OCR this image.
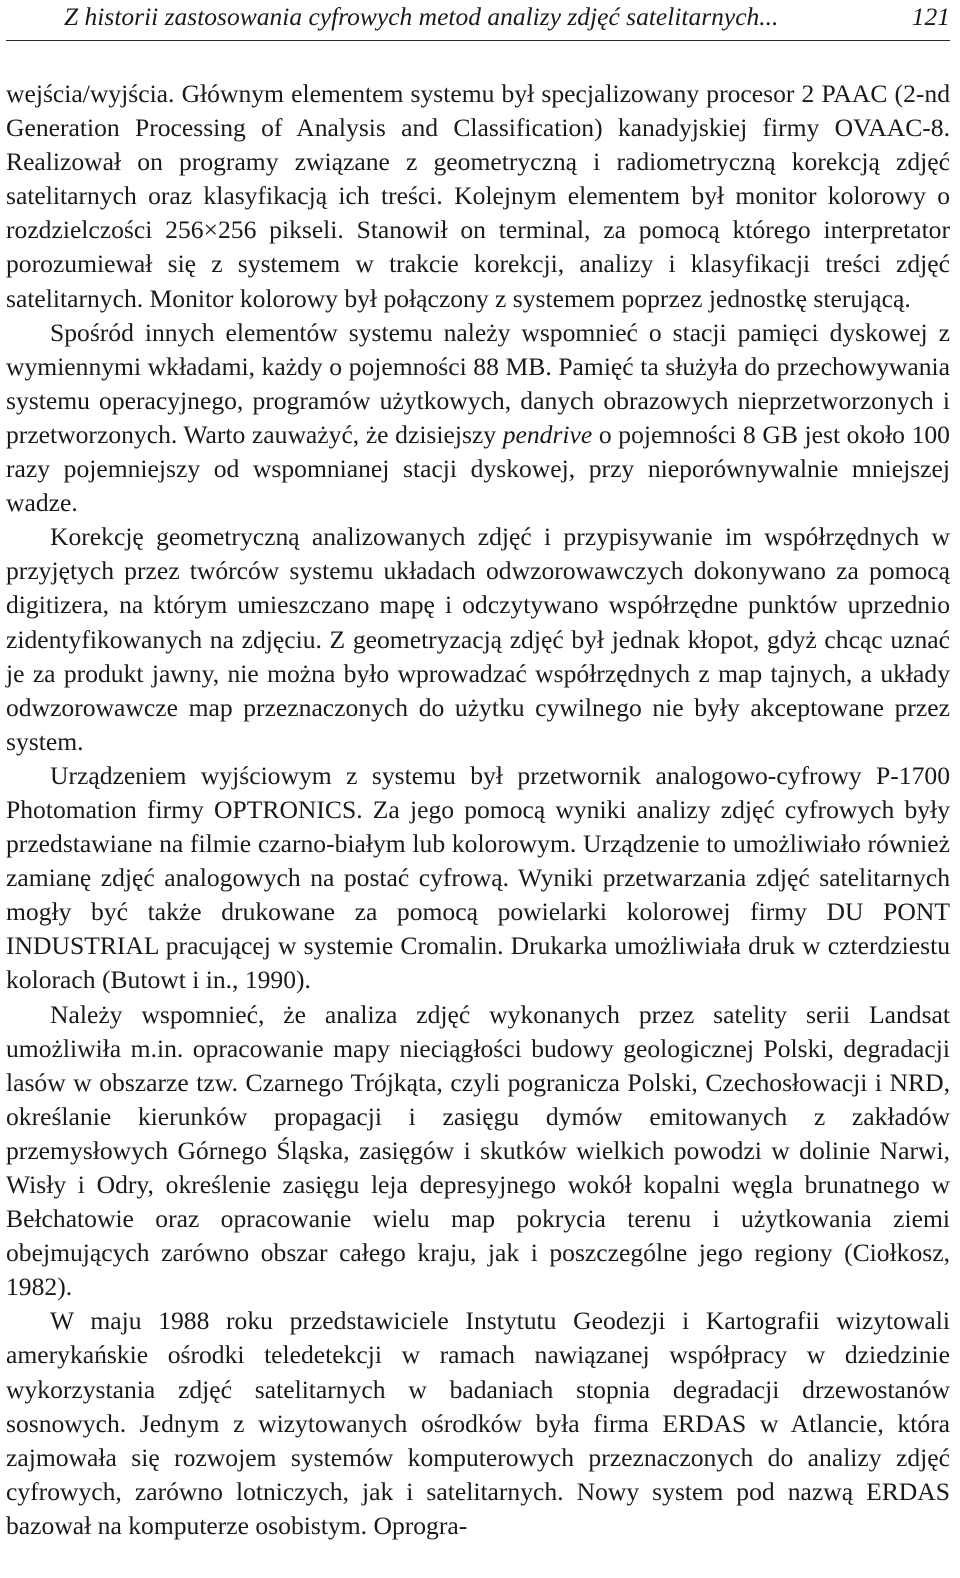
Z historii zastosowania cyfrowych metod analizy zdjęć satelitarnych...	121

wejścia/wyjścia. Głównym elementem systemu był specjalizowany procesor 2 PAAC (2-nd Generation Processing of Analysis and Classification) kanadyjskiej firmy OVAAC-8. Realizował on programy związane z geometryczną i radiometryczną korekcją zdjęć satelitarnych oraz klasyfikacją ich treści. Kolejnym elementem był monitor kolorowy o rozdzielczości 256×256 pikseli. Stanowił on terminal, za pomocą którego interpretator porozumiewał się z systemem w trakcie korekcji, analizy i klasyfikacji treści zdjęć satelitarnych. Monitor kolorowy był połączony z systemem poprzez jednostkę sterującą.

Spośród innych elementów systemu należy wspomnieć o stacji pamięci dyskowej z wymiennymi wkładami, każdy o pojemności 88 MB. Pamięć ta służyła do przechowywania systemu operacyjnego, programów użytkowych, danych obrazowych nieprzetworzonych i przetworzonych. Warto zauważyć, że dzisiejszy pendrive o pojemności 8 GB jest około 100 razy pojemniejszy od wspomnianej stacji dyskowej, przy nieporównywalnie mniejszej wadze.

Korekcję geometryczną analizowanych zdjęć i przypisywanie im współrzędnych w przyjętych przez twórców systemu układach odwzorowawczych dokonywano za pomocą digitizera, na którym umieszczano mapę i odczytywano współrzędne punktów uprzednio zidentyfikowanych na zdjęciu. Z geometryzacją zdjęć był jednak kłopot, gdyż chcąc uznać je za produkt jawny, nie można było wprowadzać współrzędnych z map tajnych, a układy odwzorowawcze map przeznaczonych do użytku cywilnego nie były akceptowane przez system.

Urządzeniem wyjściowym z systemu był przetwornik analogowo-cyfrowy P-1700 Photomation firmy OPTRONICS. Za jego pomocą wyniki analizy zdjęć cyfrowych były przedstawiane na filmie czarno-białym lub kolorowym. Urządzenie to umożliwiało również zamianę zdjęć analogowych na postać cyfrową. Wyniki przetwarzania zdjęć satelitarnych mogły być także drukowane za pomocą powielarki kolorowej firmy DU PONT INDUSTRIAL pracującej w systemie Cromalin. Drukarka umożliwiała druk w czterdziestu kolorach (Butowt i in., 1990).

Należy wspomnieć, że analiza zdjęć wykonanych przez satelity serii Landsat umożliwiła m.in. opracowanie mapy nieciągłości budowy geologicznej Polski, degradacji lasów w obszarze tzw. Czarnego Trójkąta, czyli pogranicza Polski, Czechosłowacji i NRD, określanie kierunków propagacji i zasięgu dymów emitowanych z zakładów przemysłowych Górnego Śląska, zasięgów i skutków wielkich powodzi w dolinie Narwi, Wisły i Odry, określenie zasięgu leja depresyjnego wokół kopalni węgla brunatnego w Bełchatowie oraz opracowanie wielu map pokrycia terenu i użytkowania ziemi obejmujących zarówno obszar całego kraju, jak i poszczególne jego regiony (Ciołkosz, 1982).

W maju 1988 roku przedstawiciele Instytutu Geodezji i Kartografii wizytowali amerykańskie ośrodki teledetekcji w ramach nawiązanej współpracy w dziedzinie wykorzystania zdjęć satelitarnych w badaniach stopnia degradacji drzewostanów sosnowych. Jednym z wizytowanych ośrodków była firma ERDAS w Atlancie, która zajmowała się rozwojem systemów komputerowych przeznaczonych do analizy zdjęć cyfrowych, zarówno lotniczych, jak i satelitarnych. Nowy system pod nazwą ERDAS bazował na komputerze osobistym. Oprogra-
